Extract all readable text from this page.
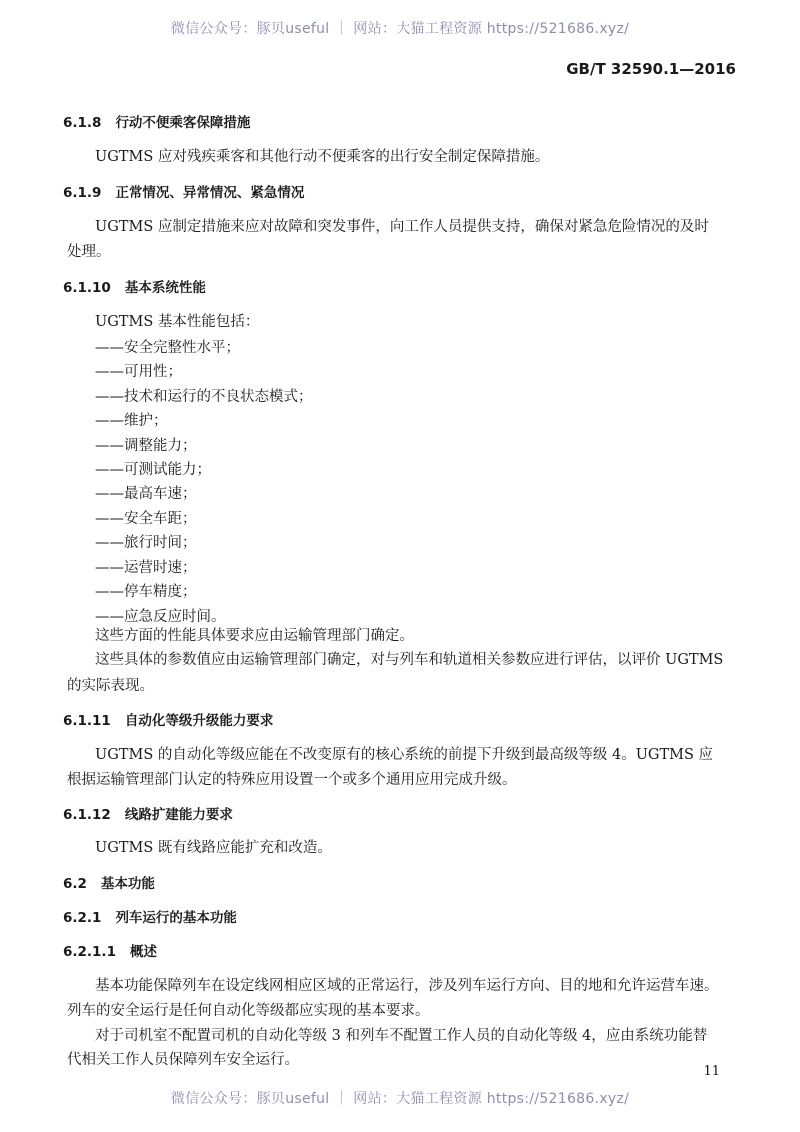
微信公众号：豚贝useful ｜ 网站：大猫工程资源 https://521686.xyz/
GB/T 32590.1—2016
6.1.8 行动不便乘客保障措施
UGTMS 应对残疾乘客和其他行动不便乘客的出行安全制定保障措施。
6.1.9 正常情况、异常情况、紧急情况
UGTMS 应制定措施来应对故障和突发事件，向工作人员提供支持，确保对紧急危险情况的及时
处理。
6.1.10 基本系统性能
UGTMS 基本性能包括：
——安全完整性水平；
——可用性；
——技术和运行的不良状态模式；
——维护；
——调整能力；
——可测试能力；
——最高车速；
——安全车距；
——旅行时间；
——运营时速；
——停车精度；
——应急反应时间。
这些方面的性能具体要求应由运输管理部门确定。
这些具体的参数值应由运输管理部门确定，对与列车和轨道相关参数应进行评估，以评价 UGTMS
的实际表现。
6.1.11 自动化等级升级能力要求
UGTMS 的自动化等级应能在不改变原有的核心系统的前提下升级到最高级等级 4。UGTMS 应
根据运输管理部门认定的特殊应用设置一个或多个通用应用完成升级。
6.1.12 线路扩建能力要求
UGTMS 既有线路应能扩充和改造。
6.2 基本功能
6.2.1 列车运行的基本功能
6.2.1.1 概述
基本功能保障列车在设定线网相应区域的正常运行，涉及列车运行方向、目的地和允许运营车速。
列车的安全运行是任何自动化等级都应实现的基本要求。
对于司机室不配置司机的自动化等级 3 和列车不配置工作人员的自动化等级 4，应由系统功能替
代相关工作人员保障列车安全运行。
11
微信公众号：豚贝useful ｜ 网站：大猫工程资源 https://521686.xyz/
